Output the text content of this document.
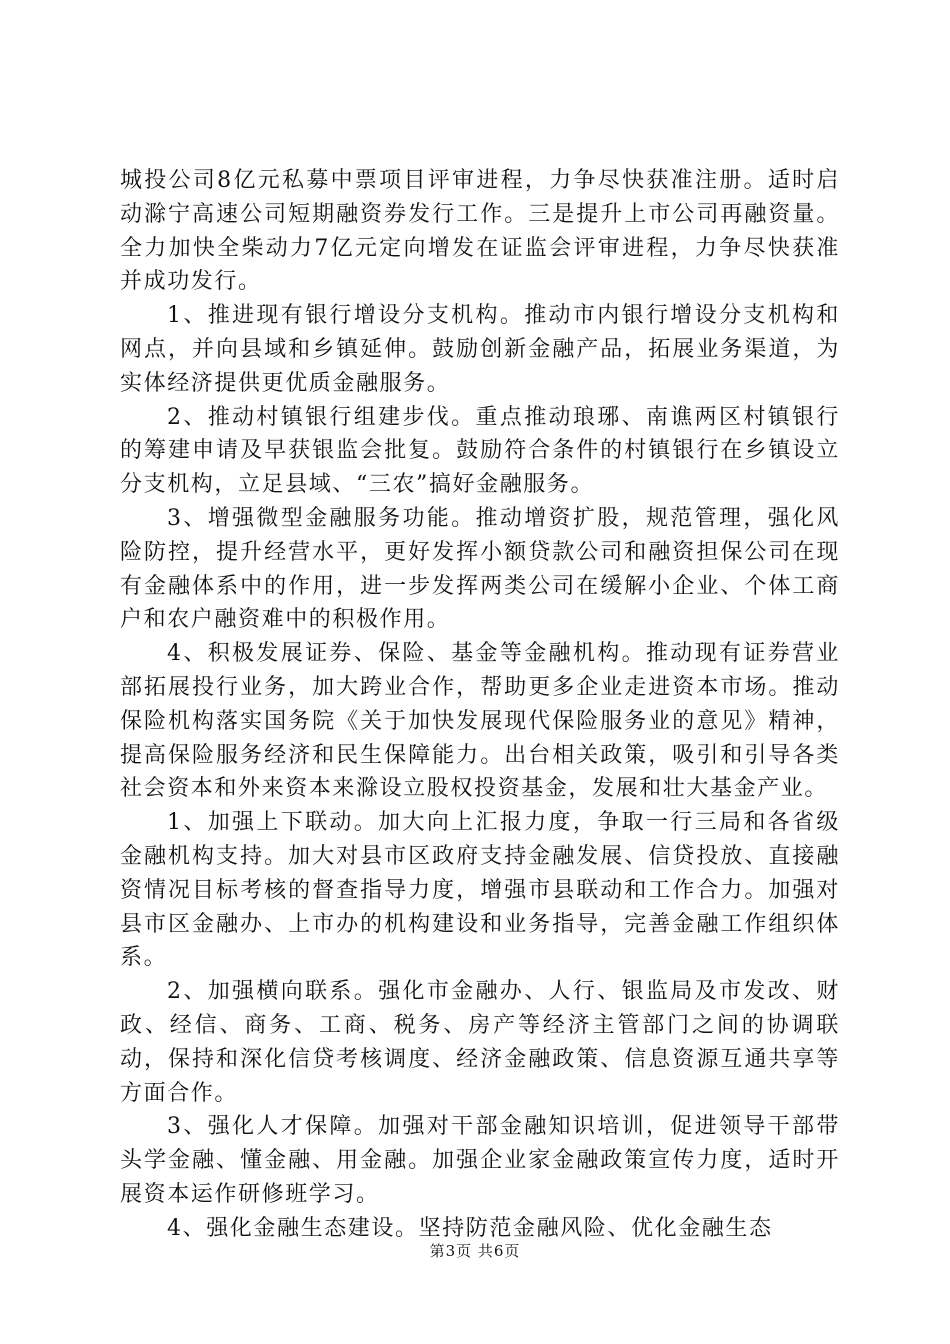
城投公司8亿元私募中票项目评审进程，力争尽快获准注册。适时启动滁宁高速公司短期融资券发行工作。三是提升上市公司再融资量。全力加快全柴动力7亿元定向增发在证监会评审进程，力争尽快获准并成功发行。

1、推进现有银行增设分支机构。推动市内银行增设分支机构和网点，并向县域和乡镇延伸。鼓励创新金融产品，拓展业务渠道，为实体经济提供更优质金融服务。

2、推动村镇银行组建步伐。重点推动琅琊、南谯两区村镇银行的筹建申请及早获银监会批复。鼓励符合条件的村镇银行在乡镇设立分支机构，立足县域、“三农”搞好金融服务。

3、增强微型金融服务功能。推动增资扩股，规范管理，强化风险防控，提升经营水平，更好发挥小额贷款公司和融资担保公司在现有金融体系中的作用，进一步发挥两类公司在缓解小企业、个体工商户和农户融资难中的积极作用。

4、积极发展证券、保险、基金等金融机构。推动现有证券营业部拓展投行业务，加大跨业合作，帮助更多企业走进资本市场。推动保险机构落实国务院《关于加快发展现代保险服务业的意见》精神，提高保险服务经济和民生保障能力。出台相关政策，吸引和引导各类社会资本和外来资本来滁设立股权投资基金，发展和壮大基金产业。

1、加强上下联动。加大向上汇报力度，争取一行三局和各省级金融机构支持。加大对县市区政府支持金融发展、信贷投放、直接融资情况目标考核的督查指导力度，增强市县联动和工作合力。加强对县市区金融办、上市办的机构建设和业务指导，完善金融工作组织体系。

2、加强横向联系。强化市金融办、人行、银监局及市发改、财政、经信、商务、工商、税务、房产等经济主管部门之间的协调联动，保持和深化信贷考核调度、经济金融政策、信息资源互通共享等方面合作。

3、强化人才保障。加强对干部金融知识培训，促进领导干部带头学金融、懂金融、用金融。加强企业家金融政策宣传力度，适时开展资本运作研修班学习。

4、强化金融生态建设。坚持防范金融风险、优化金融生态

第3页 共6页
